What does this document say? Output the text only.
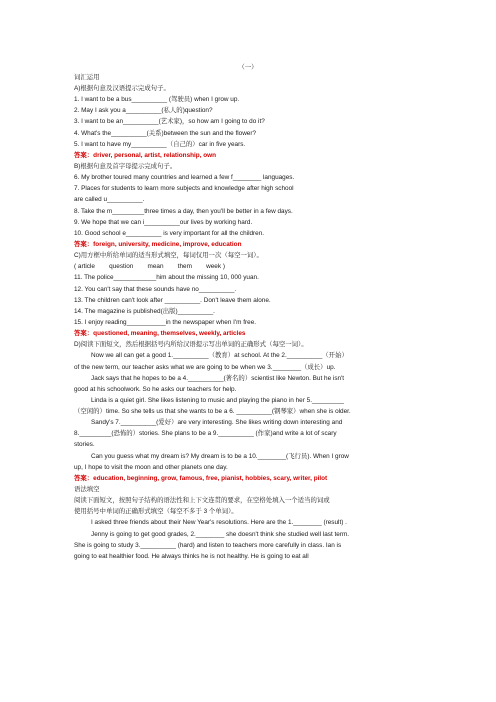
（一）
词汇运用
A)根据句意及汉语提示完成句子。
1. I want to be a bus__________ (驾驶员) when I grow up.
2. May I ask you a__________(私人的)question?
3. I want to be an__________(艺术家)，so how am I going to do it?
4. What's the__________(关系)between the sun and the flower?
5. I want to have my__________（自己的）car in five years.
答案：driver, personal, artist, relationship, own
B)根据句意及首字母提示完成句子。
6. My brother toured many countries and learned a few f________ languages.
7. Places for students to learn more subjects and knowledge after high school
are called u__________.
8. Take the m_________three times a day, then you'll be better in a few days.
9. We hope that we can i__________our lives by working hard.
10. Good school e__________ is very important for all the children.
答案：foreign, university, medicine, improve, education
C)用方框中所给单词的适当形式填空，每词仅用一次（每空一词）。
( article        question        mean        them        week )
11. The police____________him about the missing 10, 000 yuan.
12. You can't say that these sounds have no__________.
13. The children can't look after __________. Don't leave them alone.
14. The magazine is published(出版)__________.
15. I enjoy reading___________in the newspaper when I'm free.
答案：questioned, meaning, themselves, weekly, articles
D)阅读下面短文，然后根据括号内所给汉语提示写出单词的正确形式（每空一词）。
Now we all can get a good 1.__________（教育）at school. At the 2.__________（开始）
of the new term, our teacher asks what we are going to be when we 3.________（成长）up.
Jack says that he hopes to be a 4.__________(著名的）scientist like Newton. But he isn't
good at his schoolwork. So he asks our teachers for help.
Linda is a quiet girl. She likes listening to music and playing the piano in her 5._________
（空闲的）time. So she tells us that she wants to be a 6. __________(钢琴家）when she is older.
Sandy's 7.__________(爱好）are very interesting. She likes writing down interesting and
8._________(恐怖的）stories. She plans to be a 9.__________ (作家)and write a lot of scary
stories.
Can you guess what my dream is? My dream is to be a 10.________(飞行员). When I grow
up, I hope to visit the moon and other planets one day.
答案：education, beginning, grow, famous, free, pianist, hobbies, scary, writer, pilot
语法填空
阅读下面短文，按照句子结构的语法性和上下文连贯的要求，在空格处填入一个适当的词或
使用括号中单词的正确形式填空（每空不多于 3 个单词）。
I asked three friends about their New Year's resolutions. Here are the 1.________ (result) .
Jenny is going to get good grades, 2.________ she doesn't think she studied well last term.
She is going to study 3.__________ (hard) and listen to teachers more carefully in class. Ian is
going to eat healthier food. He always thinks he is not healthy. He is going to eat all
